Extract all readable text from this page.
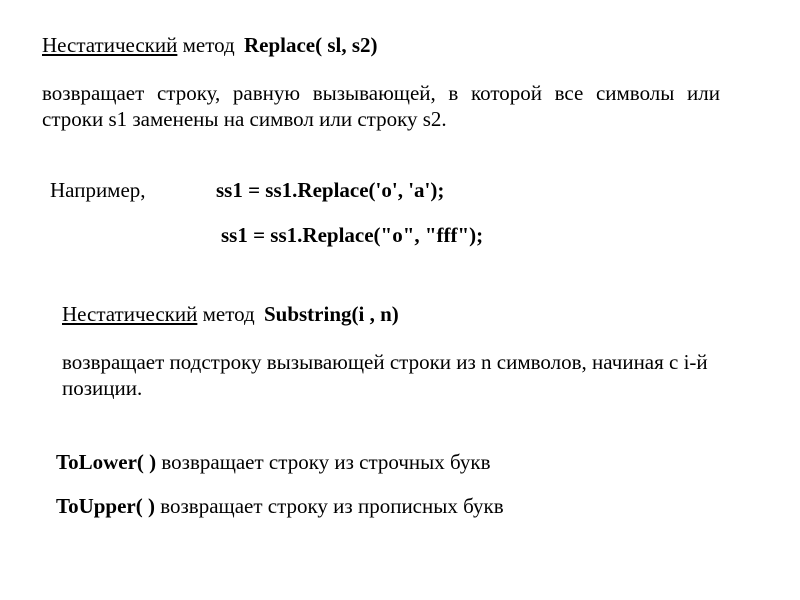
Нестатический метод Replace( sl, s2)
возвращает строку, равную вызывающей, в которой все символы или строки s1 заменены на символ или строку s2.
Например,	ss1 = ss1.Replace('o', 'a');
ss1 = ss1.Replace("o", "fff");
Нестатический метод Substring(i , n)
возвращает подстроку вызывающей строки из n символов, начиная с i-й позиции.
ToLower( ) возвращает строку из строчных букв
ToUpper( ) возвращает строку из прописных букв
